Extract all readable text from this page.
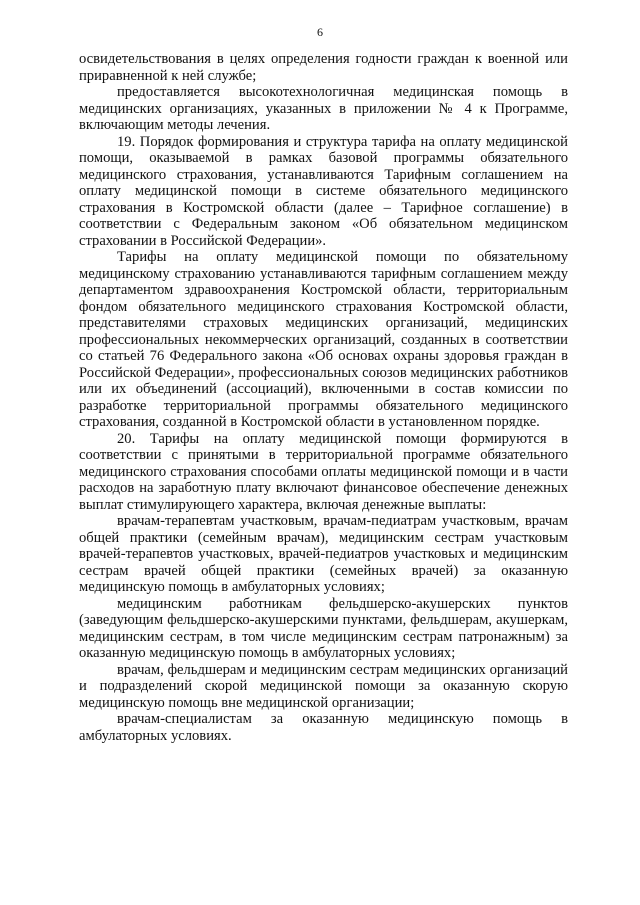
6

освидетельствования в целях определения годности граждан к военной или приравненной к ней службе;

предоставляется высокотехнологичная медицинская помощь в медицинских организациях, указанных в приложении № 4 к Программе, включающим методы лечения.

19. Порядок формирования и структура тарифа на оплату медицинской помощи, оказываемой в рамках базовой программы обязательного медицинского страхования, устанавливаются Тарифным соглашением на оплату медицинской помощи в системе обязательного медицинского страхования в Костромской области (далее – Тарифное соглашение) в соответствии с Федеральным законом «Об обязательном медицинском страховании в Российской Федерации».

Тарифы на оплату медицинской помощи по обязательному медицинскому страхованию устанавливаются тарифным соглашением между департаментом здравоохранения Костромской области, территориальным фондом обязательного медицинского страхования Костромской области, представителями страховых медицинских организаций, медицинских профессиональных некоммерческих организаций, созданных в соответствии со статьей 76 Федерального закона «Об основах охраны здоровья граждан в Российской Федерации», профессиональных союзов медицинских работников или их объединений (ассоциаций), включенными в состав комиссии по разработке территориальной программы обязательного медицинского страхования, созданной в Костромской области в установленном порядке.

20. Тарифы на оплату медицинской помощи формируются в соответствии с принятыми в территориальной программе обязательного медицинского страхования способами оплаты медицинской помощи и в части расходов на заработную плату включают финансовое обеспечение денежных выплат стимулирующего характера, включая денежные выплаты:

врачам-терапевтам участковым, врачам-педиатрам участковым, врачам общей практики (семейным врачам), медицинским сестрам участковым врачей-терапевтов участковых, врачей-педиатров участковых и медицинским сестрам врачей общей практики (семейных врачей) за оказанную медицинскую помощь в амбулаторных условиях;

медицинским работникам фельдшерско-акушерских пунктов (заведующим фельдшерско-акушерскими пунктами, фельдшерам, акушеркам, медицинским сестрам, в том числе медицинским сестрам патронажным) за оказанную медицинскую помощь в амбулаторных условиях;

врачам, фельдшерам и медицинским сестрам медицинских организаций и подразделений скорой медицинской помощи за оказанную скорую медицинскую помощь вне медицинской организации;

врачам-специалистам за оказанную медицинскую помощь в амбулаторных условиях.
